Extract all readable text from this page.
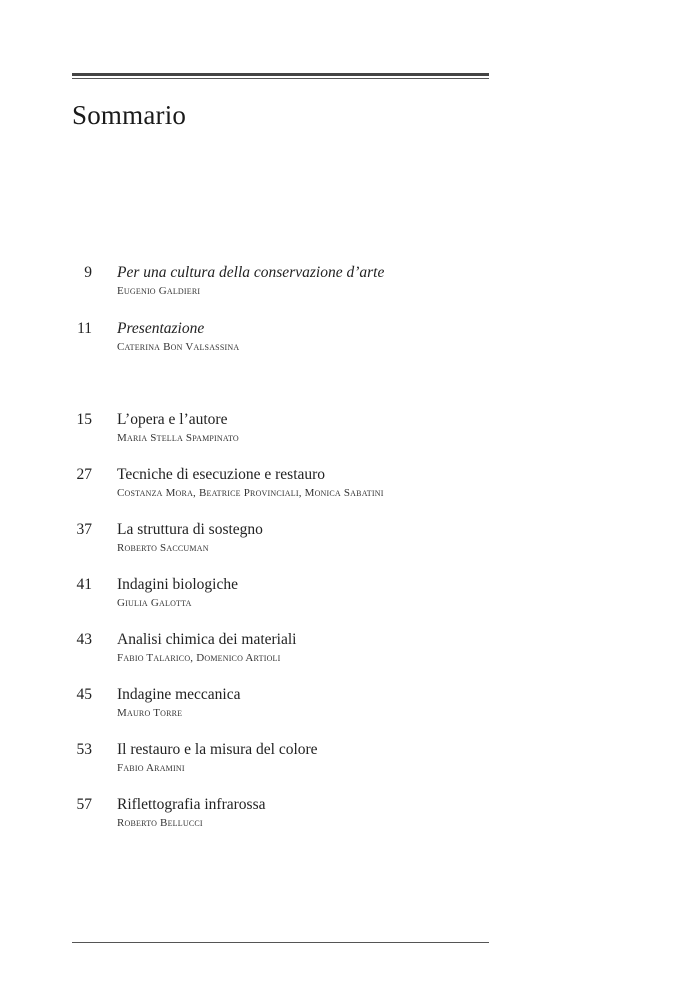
Sommario
9 Per una cultura della conservazione d’arte
Eugenio Galdieri
11 Presentazione
Caterina Bon Valsassina
15 L’opera e l’autore
Maria Stella Spampinato
27 Tecniche di esecuzione e restauro
Costanza Mora, Beatrice Provinciali, Monica Sabatini
37 La struttura di sostegno
Roberto Saccuman
41 Indagini biologiche
Giulia Galotta
43 Analisi chimica dei materiali
Fabio Talarico, Domenico Artioli
45 Indagine meccanica
Mauro Torre
53 Il restauro e la misura del colore
Fabio Aramini
57 Riflettografia infrarossa
Roberto Bellucci
